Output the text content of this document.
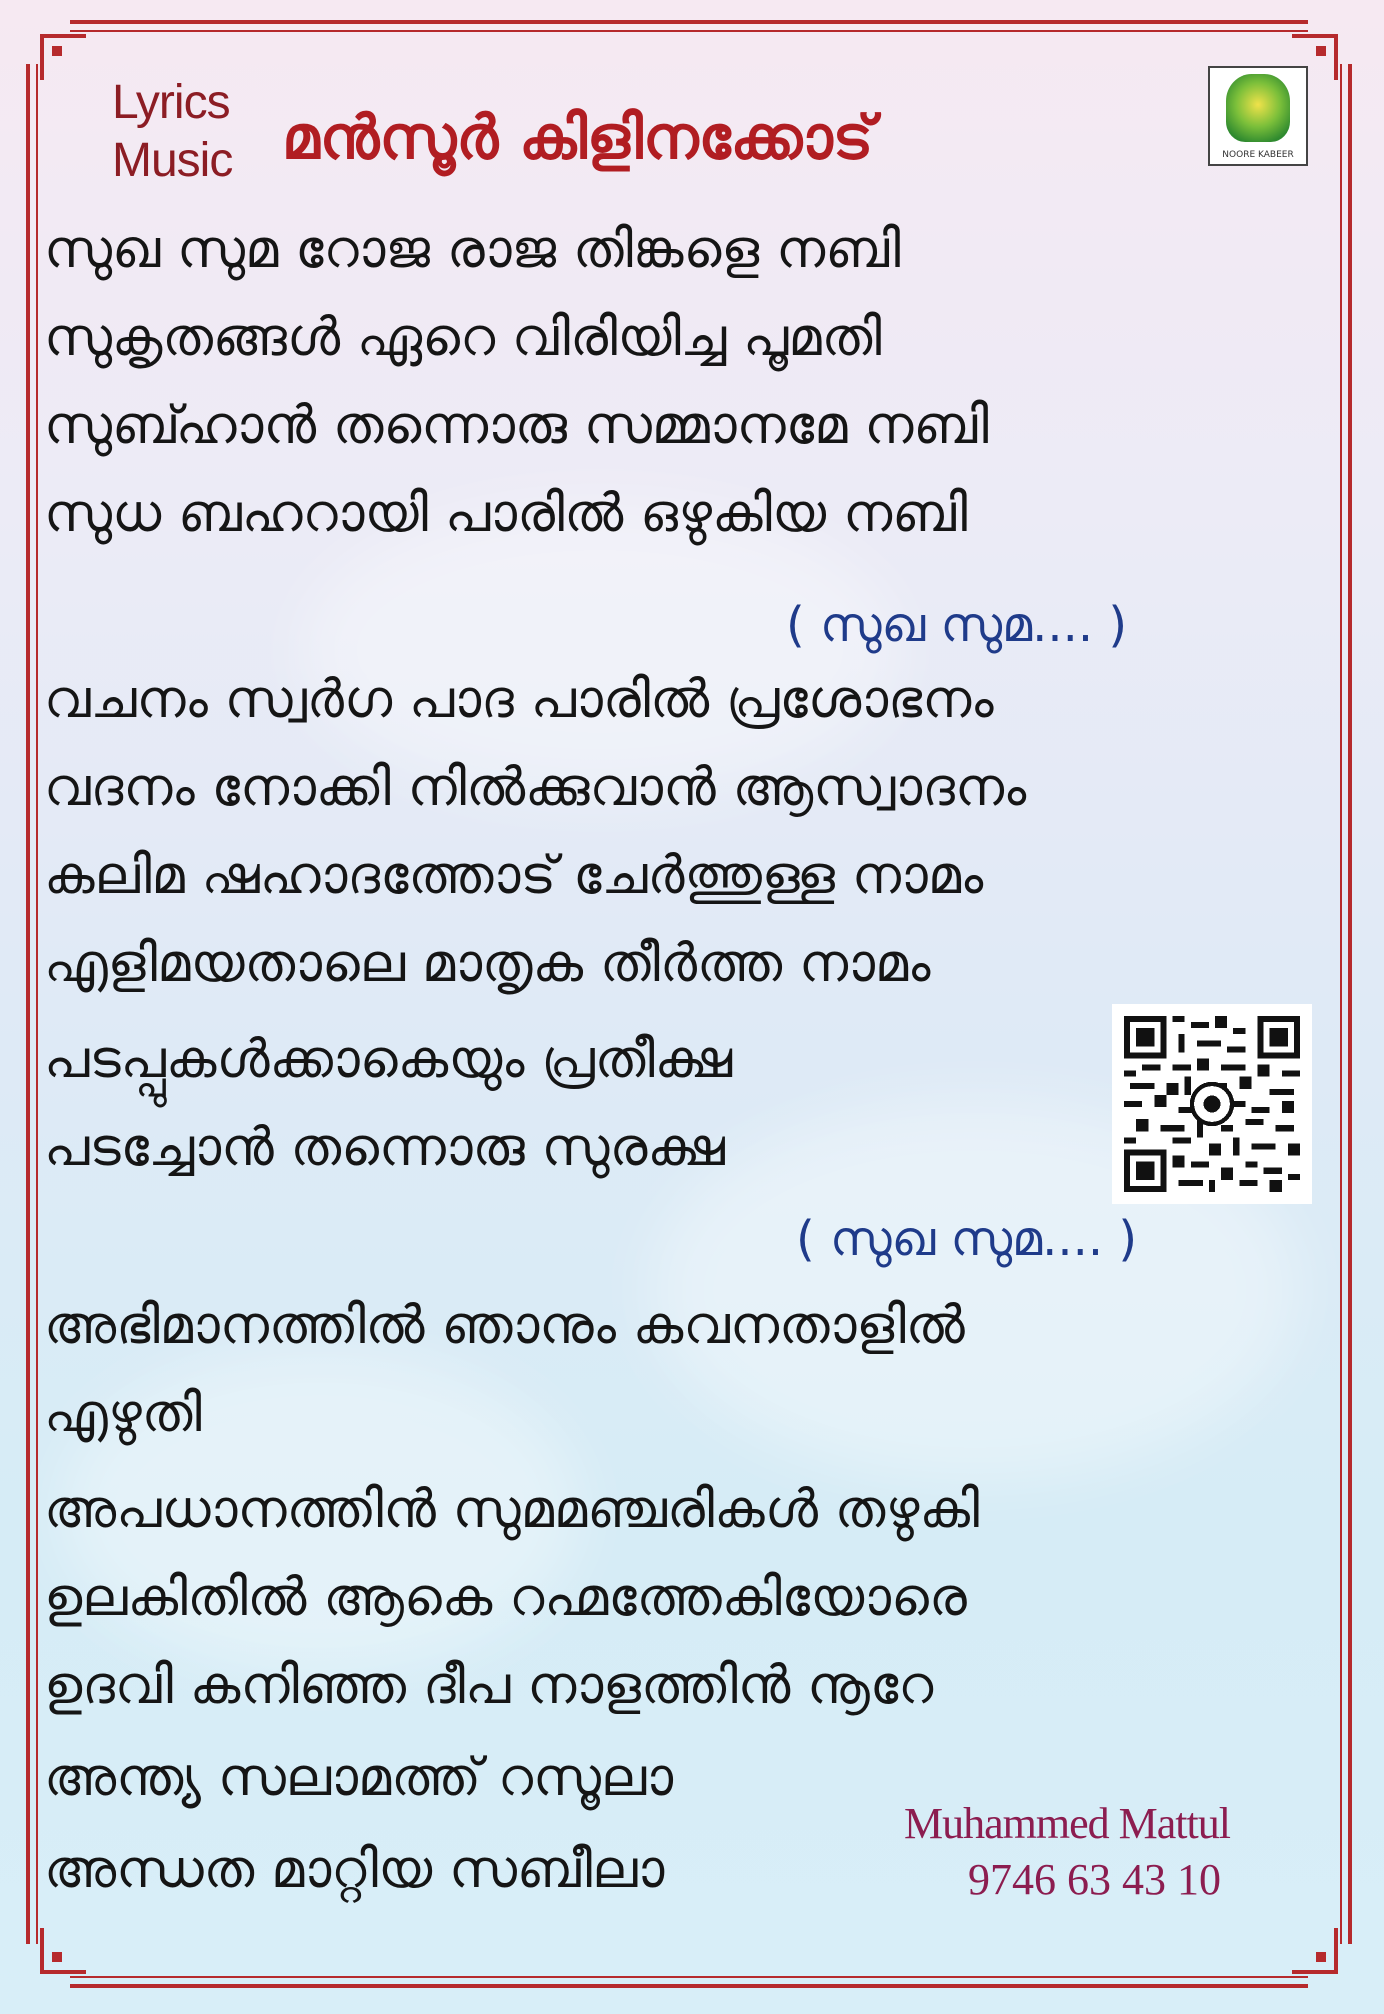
Lyrics
Music മൻസൂർ കിളിനക്കോട്	NOORE KABEER
സുഖ സുമ റോജ രാജ തിങ്കളെ നബി
സുകൃതങ്ങൾ ഏറെ വിരിയിച്ച പൂമതി
സുബ്ഹാൻ തന്നൊരു സമ്മാനമേ നബി
സുധ ബഹറായി പാരിൽ ഒഴുകിയ നബി
( സുഖ സുമ.... )
വചനം സ്വർഗ പാദ പാരിൽ പ്രശോഭനം
വദനം നോക്കി നിൽക്കുവാൻ ആസ്വാദനം
കലിമ ഷഹാദത്തോട് ചേർത്തുള്ള നാമം
എളിമയതാലെ മാതൃക തീർത്ത നാമം
പടപ്പുകൾക്കാകെയും പ്രതീക്ഷ
പടച്ചോൻ തന്നൊരു സുരക്ഷ
( സുഖ സുമ.... )
അഭിമാനത്തിൽ ഞാനും കവനതാളിൽ
എഴുതി
അപധാനത്തിൻ സുമമഞ്ചരികൾ തഴുകി
ഉലകിതിൽ ആകെ റഹ്മത്തേകിയോരെ
ഉദവി കനിഞ്ഞ ദീപ നാളത്തിൻ നൂറേ
അന്ത്യ സലാമത്ത് റസൂലാ
അന്ധത മാറ്റിയ സബീലാ
Muhammed Mattul
9746 63 43 10
